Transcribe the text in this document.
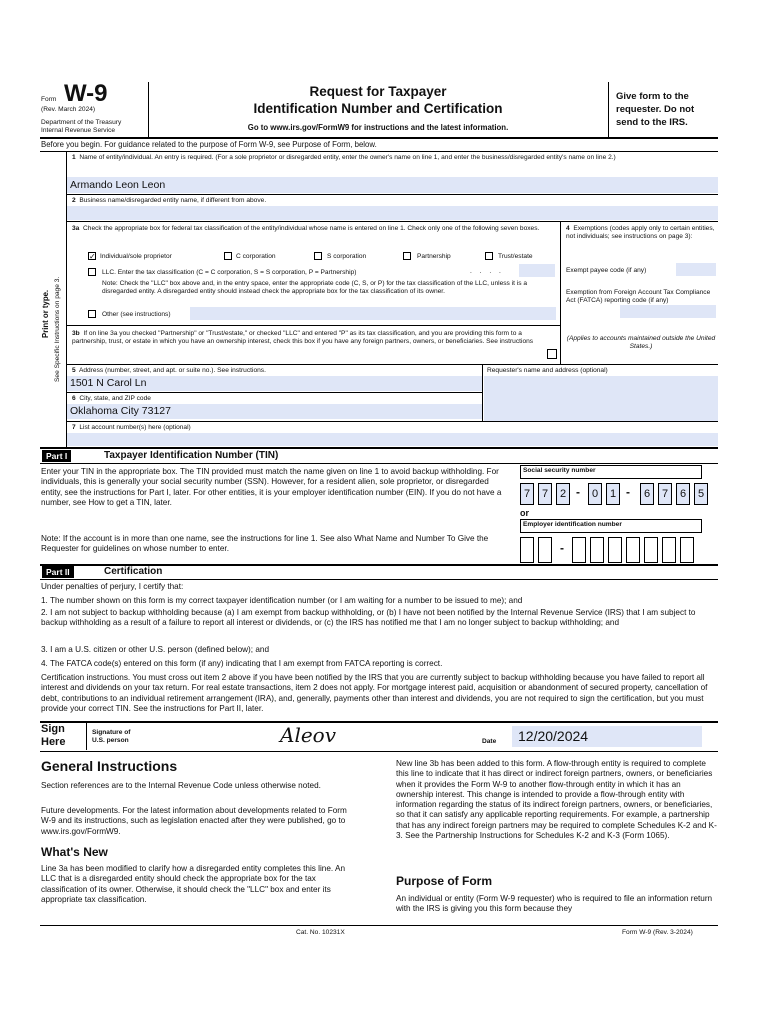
Form W-9
(Rev. March 2024)
Department of the Treasury
Internal Revenue Service
Request for Taxpayer
Identification Number and Certification
Go to www.irs.gov/FormW9 for instructions and the latest information.
Give form to the
requester. Do not
send to the IRS.
Before you begin. For guidance related to the purpose of Form W-9, see Purpose of Form, below.
Print or type. See Specific Instructions on page 3.
1 Name of entity/individual. An entry is required. (For a sole proprietor or disregarded entity, enter the owner's name on line 1, and enter the business/disregarded entity's name on line 2.)
Armando Leon Leon
2 Business name/disregarded entity name, if different from above.
3a Check the appropriate box for federal tax classification of the entity/individual whose name is entered on line 1. Check only one of the following seven boxes.
✓ Individual/sole proprietor	C corporation	S corporation	Partnership	Trust/estate
LLC. Enter the tax classification (C = C corporation, S = S corporation, P = Partnership)	. . . .
Note: Check the "LLC" box above and, in the entry space, enter the appropriate code (C, S, or P) for the tax classification of the LLC, unless it is a disregarded entity. A disregarded entity should instead check the appropriate box for the tax classification of its owner.
Other (see instructions)
3b If on line 3a you checked "Partnership" or "Trust/estate," or checked "LLC" and entered "P" as its tax classification, and you are providing this form to a partnership, trust, or estate in which you have an ownership interest, check this box if you have any foreign partners, owners, or beneficiaries. See instructions
4 Exemptions (codes apply only to certain entities, not individuals; see instructions on page 3):
Exempt payee code (if any)
Exemption from Foreign Account Tax Compliance Act (FATCA) reporting code (if any)
(Applies to accounts maintained outside the United States.)
5 Address (number, street, and apt. or suite no.). See instructions.
1501 N Carol Ln
Requester's name and address (optional)
6 City, state, and ZIP code
Oklahoma City 73127
7 List account number(s) here (optional)
Part I	Taxpayer Identification Number (TIN)
Enter your TIN in the appropriate box. The TIN provided must match the name given on line 1 to avoid backup withholding. For individuals, this is generally your social security number (SSN). However, for a resident alien, sole proprietor, or disregarded entity, see the instructions for Part I, later. For other entities, it is your employer identification number (EIN). If you do not have a number, see How to get a TIN, later.
Note: If the account is in more than one name, see the instructions for line 1. See also What Name and Number To Give the Requester for guidelines on whose number to enter.
Social security number
7	7	2 -	0	1 -	6	7	6	5
or
Employer identification number
-
Part II	Certification
Under penalties of perjury, I certify that:
1. The number shown on this form is my correct taxpayer identification number (or I am waiting for a number to be issued to me); and
2. I am not subject to backup withholding because (a) I am exempt from backup withholding, or (b) I have not been notified by the Internal Revenue Service (IRS) that I am subject to backup withholding as a result of a failure to report all interest or dividends, or (c) the IRS has notified me that I am no longer subject to backup withholding; and
3. I am a U.S. citizen or other U.S. person (defined below); and
4. The FATCA code(s) entered on this form (if any) indicating that I am exempt from FATCA reporting is correct.
Certification instructions. You must cross out item 2 above if you have been notified by the IRS that you are currently subject to backup withholding because you have failed to report all interest and dividends on your tax return. For real estate transactions, item 2 does not apply. For mortgage interest paid, acquisition or abandonment of secured property, cancellation of debt, contributions to an individual retirement arrangement (IRA), and, generally, payments other than interest and dividends, you are not required to sign the certification, but you must provide your correct TIN. See the instructions for Part II, later.
Sign
Here
Signature of
U.S. person	Aleov	Date 12/20/2024
General Instructions
Section references are to the Internal Revenue Code unless otherwise noted.
Future developments. For the latest information about developments related to Form W-9 and its instructions, such as legislation enacted after they were published, go to www.irs.gov/FormW9.
What's New
Line 3a has been modified to clarify how a disregarded entity completes this line. An LLC that is a disregarded entity should check the appropriate box for the tax classification of its owner. Otherwise, it should check the "LLC" box and enter its appropriate tax classification.
New line 3b has been added to this form. A flow-through entity is required to complete this line to indicate that it has direct or indirect foreign partners, owners, or beneficiaries when it provides the Form W-9 to another flow-through entity in which it has an ownership interest. This change is intended to provide a flow-through entity with information regarding the status of its indirect foreign partners, owners, or beneficiaries, so that it can satisfy any applicable reporting requirements. For example, a partnership that has any indirect foreign partners may be required to complete Schedules K-2 and K-3. See the Partnership Instructions for Schedules K-2 and K-3 (Form 1065).
Purpose of Form
An individual or entity (Form W-9 requester) who is required to file an information return with the IRS is giving you this form because they
Cat. No. 10231X	Form W-9 (Rev. 3-2024)
